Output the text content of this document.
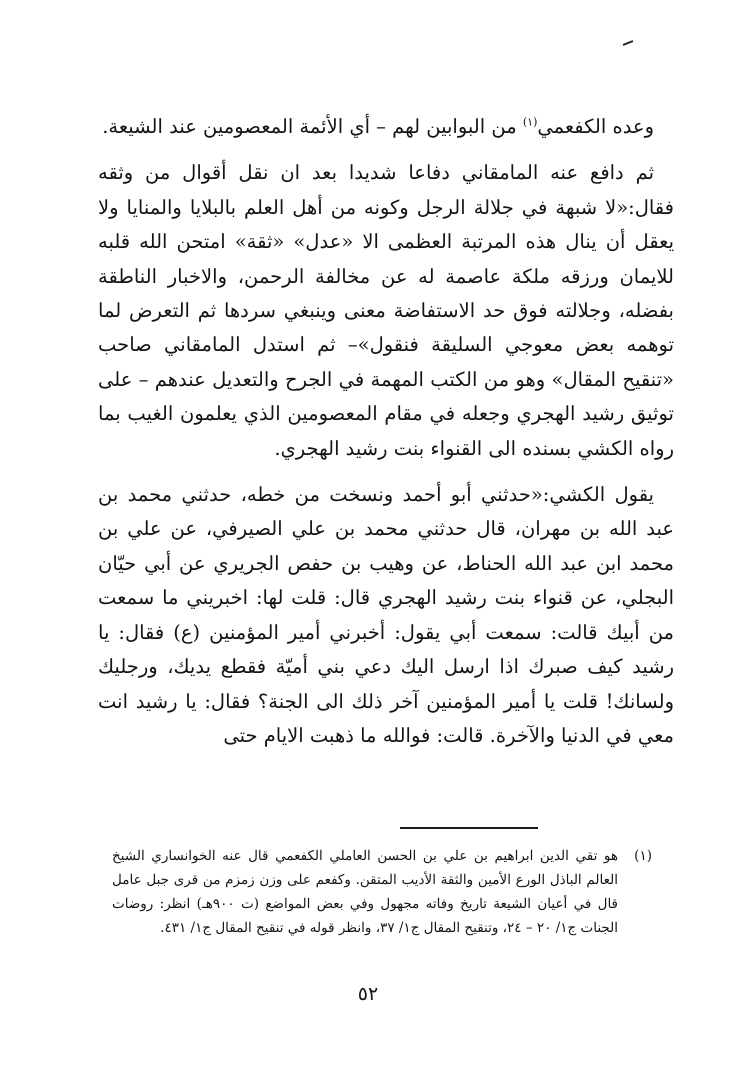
وعده الكفعمي$^{(١)}$ من البوابين لهم – أي الأئمة المعصومين عند الشيعة.

ثم دافع عنه المامقاني دفاعا شديدا بعد ان نقل أقوال من وثقه فقال:«لا شبهة في جلالة الرجل وكونه من أهل العلم بالبلايا والمنايا ولا يعقل أن ينال هذه المرتبة العظمى الا «عدل» «ثقة» امتحن الله قلبه للايمان ورزقه ملكة عاصمة له عن مخالفة الرحمن، والاخبار الناطقة بفضله، وجلالته فوق حد الاستفاضة معنى وينبغي سردها ثم التعرض لما توهمه بعض معوجي السليقة فنقول»– ثم استدل المامقاني صاحب «تنقيح المقال» وهو من الكتب المهمة في الجرح والتعديل عندهم – على توثيق رشيد الهجري وجعله في مقام المعصومين الذي يعلمون الغيب بما رواه الكشي بسنده الى القنواء بنت رشيد الهجري.

يقول الكشي:«حدثني أبو أحمد ونسخت من خطه، حدثني محمد بن عبد الله بن مهران، قال حدثني محمد بن علي الصيرفي، عن علي بن محمد ابن عبد الله الحناط، عن وهيب بن حفص الجريري عن أبي حيّان البجلي، عن قنواء بنت رشيد الهجري قال: قلت لها: اخبريني ما سمعت من أبيك قالت: سمعت أبي يقول: أخبرني أمير المؤمنين (ع) فقال: يا رشيد كيف صبرك اذا ارسل اليك دعي بني أميّة فقطع يديك، ورجليك ولسانك! قلت يا أمير المؤمنين آخر ذلك الى الجنة؟ فقال: يا رشيد انت معي في الدنيا والآخرة. قالت: فوالله ما ذهبت الايام حتى

(١)
هو تقي الدين ابراهيم بن علي بن الحسن العاملي الكفعمي قال عنه الخوانساري الشيخ العالم الباذل الورع الأمين والثقة الأديب المتقن. وكفعم على وزن زمزم من قرى جبل عامل قال في أعيان الشيعة تاريخ وفاته مجهول وفي بعض المواضع (ت ٩٠٠هـ) انظر: روضات الجنات ج١/ ٢٠ – ٢٤، وتنقيح المقال ج١/ ٣٧، وانظر قوله في تنقيح المقال ج١/ ٤٣١.
٥٢
